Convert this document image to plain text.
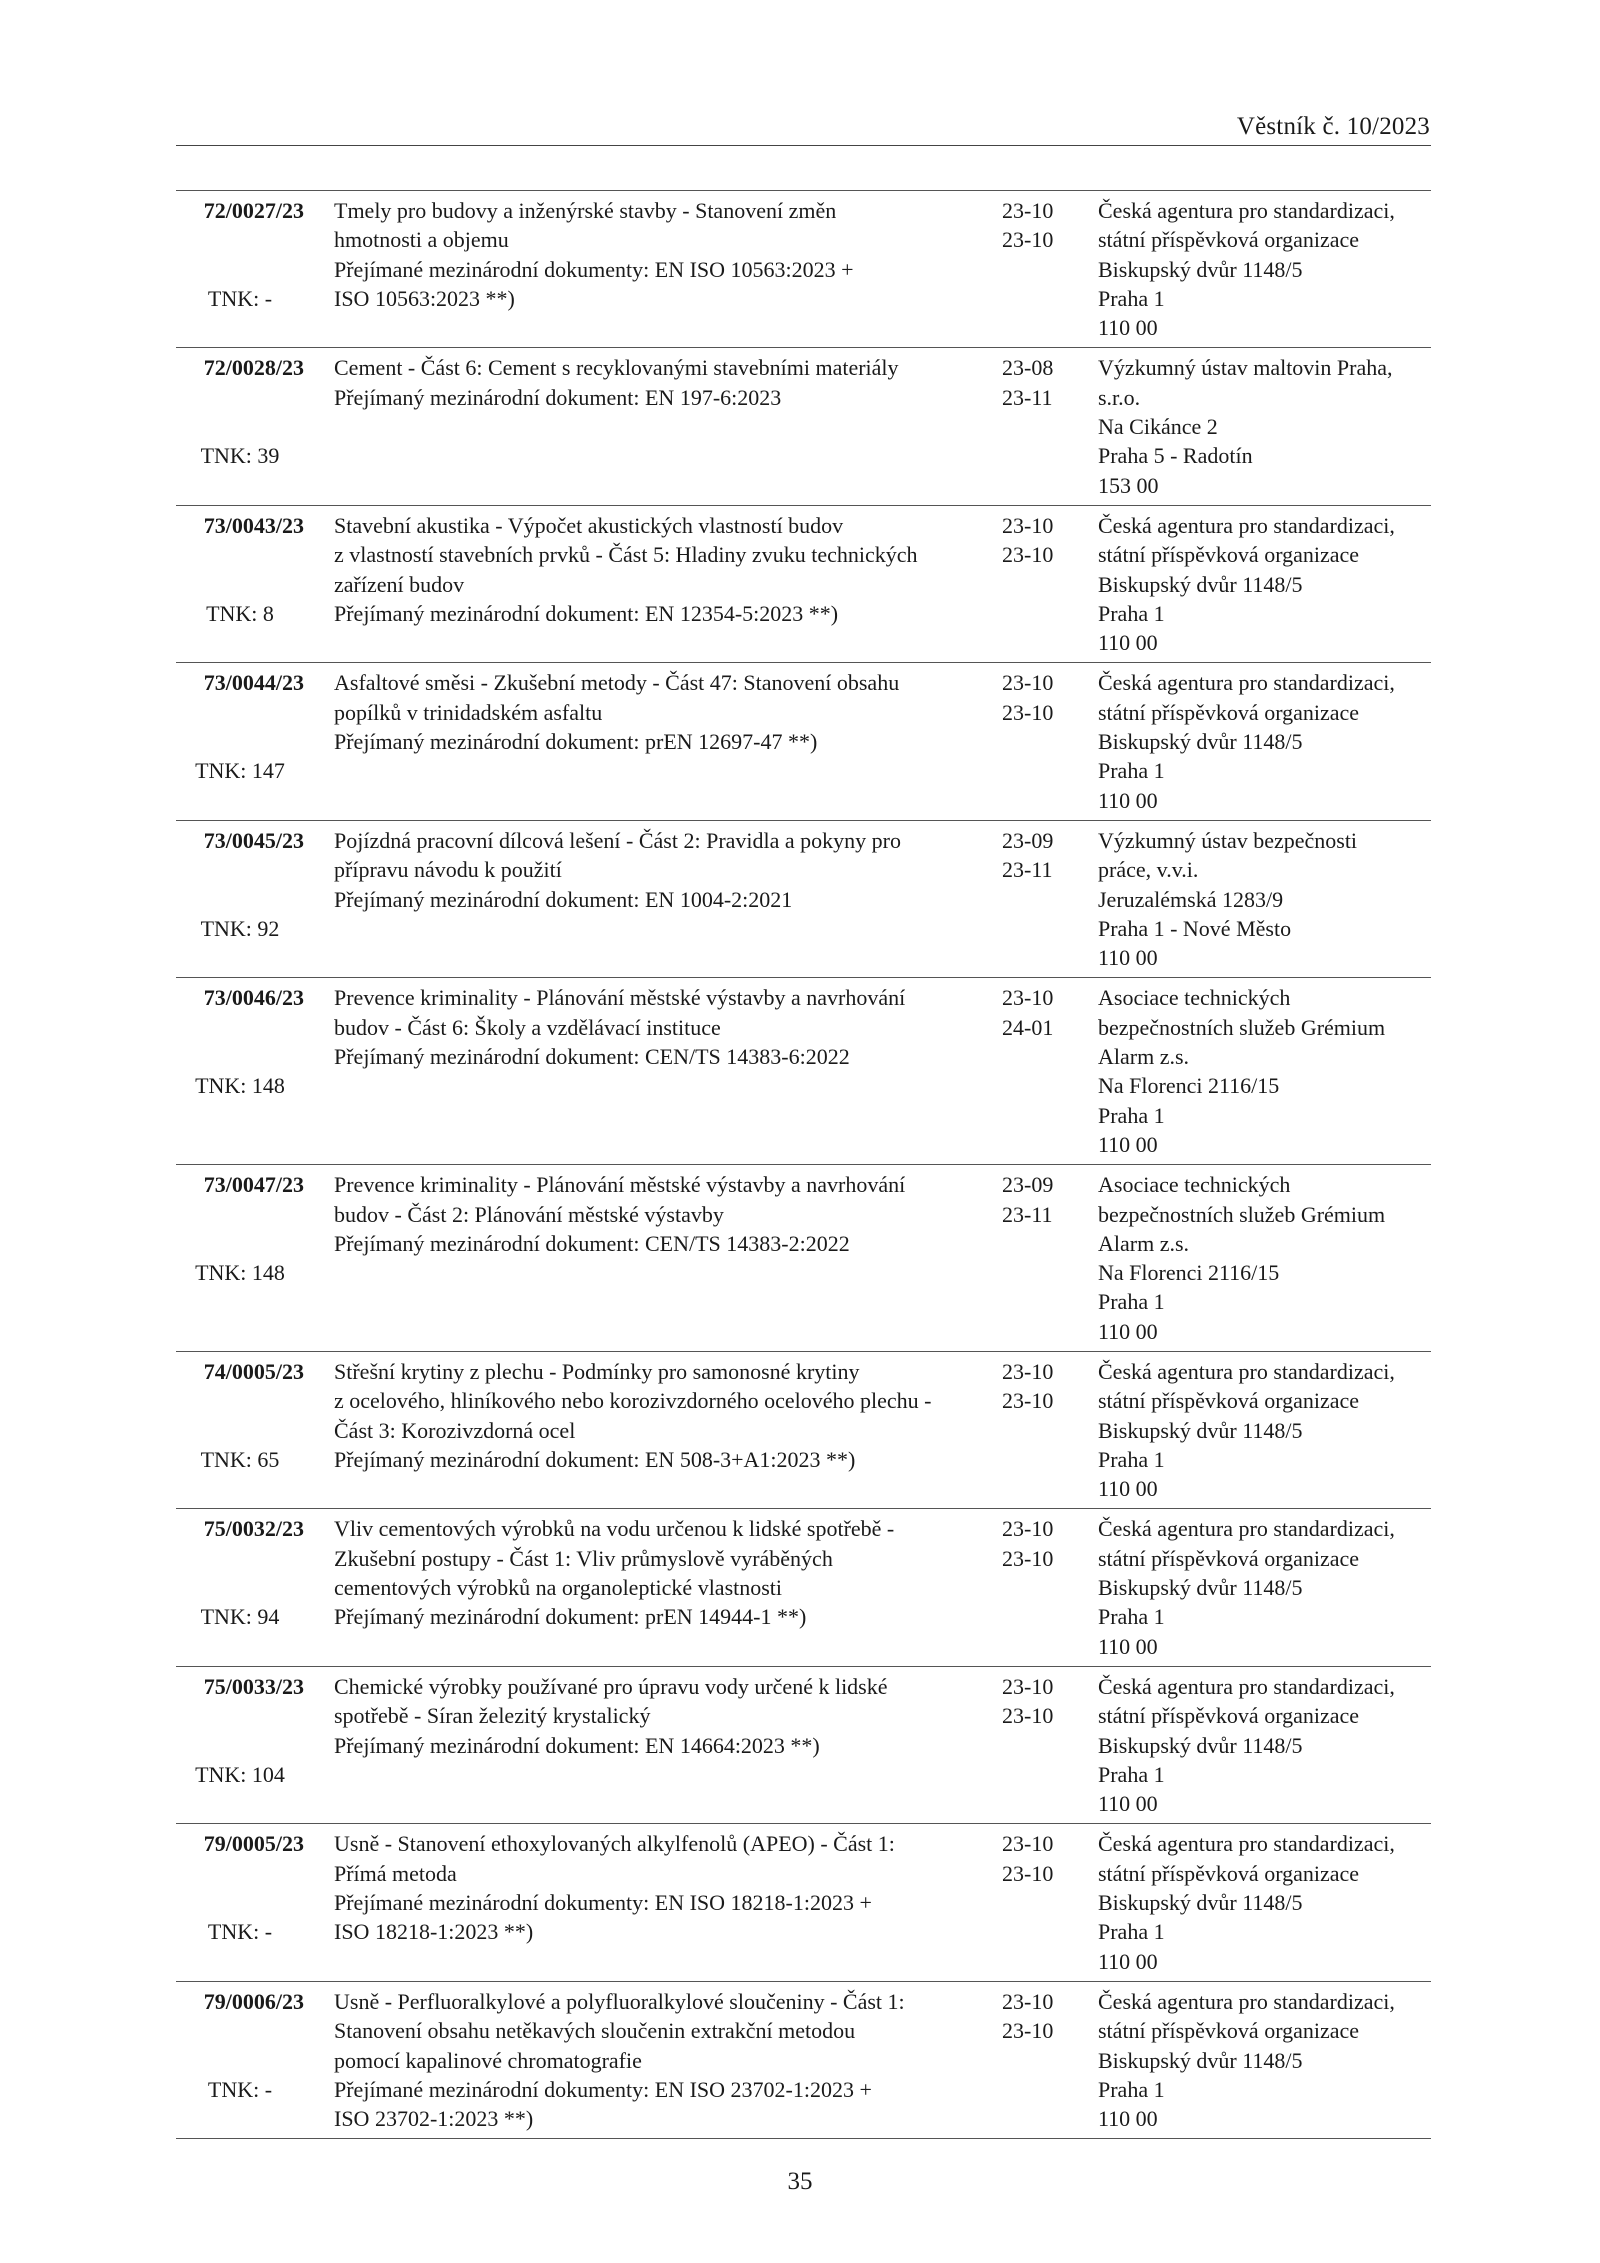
Věstník č. 10/2023
72/0027/23
TNK: -
Tmely pro budovy a inženýrské stavby - Stanovení změn
hmotnosti a objemu
Přejímané mezinárodní dokumenty: EN ISO 10563:2023 +
ISO 10563:2023 **)

23-10
23-10
Česká agentura pro standardizaci,
státní příspěvková organizace
Biskupský dvůr 1148/5
Praha 1
110 00
72/0028/23
TNK: 39
Cement - Část 6: Cement s recyklovanými stavebními materiály
Přejímaný mezinárodní dokument: EN 197-6:2023

23-08
23-11
Výzkumný ústav maltovin Praha,
s.r.o.
Na Cikánce 2
Praha 5 - Radotín
153 00
73/0043/23
TNK: 8
Stavební akustika - Výpočet akustických vlastností budov
z vlastností stavebních prvků - Část 5: Hladiny zvuku technických
zařízení budov
Přejímaný mezinárodní dokument: EN 12354-5:2023 **)

23-10
23-10
Česká agentura pro standardizaci,
státní příspěvková organizace
Biskupský dvůr 1148/5
Praha 1
110 00
73/0044/23
TNK: 147
Asfaltové směsi - Zkušební metody - Část 47: Stanovení obsahu
popílků v trinidadském asfaltu
Přejímaný mezinárodní dokument: prEN 12697-47 **)

23-10
23-10
Česká agentura pro standardizaci,
státní příspěvková organizace
Biskupský dvůr 1148/5
Praha 1
110 00
73/0045/23
TNK: 92
Pojízdná pracovní dílcová lešení - Část 2: Pravidla a pokyny pro
přípravu návodu k použití
Přejímaný mezinárodní dokument: EN 1004-2:2021

23-09
23-11
Výzkumný ústav bezpečnosti
práce, v.v.i.
Jeruzalémská 1283/9
Praha 1 - Nové Město
110 00
73/0046/23
TNK: 148
Prevence kriminality - Plánování městské výstavby a navrhování
budov - Část 6: Školy a vzdělávací instituce
Přejímaný mezinárodní dokument: CEN/TS 14383-6:2022

23-10
24-01
Asociace technických
bezpečnostních služeb Grémium
Alarm z.s.
Na Florenci 2116/15
Praha 1
110 00
73/0047/23
TNK: 148
Prevence kriminality - Plánování městské výstavby a navrhování
budov - Část 2: Plánování městské výstavby
Přejímaný mezinárodní dokument: CEN/TS 14383-2:2022

23-09
23-11
Asociace technických
bezpečnostních služeb Grémium
Alarm z.s.
Na Florenci 2116/15
Praha 1
110 00
74/0005/23
TNK: 65
Střešní krytiny z plechu - Podmínky pro samonosné krytiny
z ocelového, hliníkového nebo korozivzdorného ocelového plechu -
Část 3: Korozivzdorná ocel
Přejímaný mezinárodní dokument: EN 508-3+A1:2023 **)

23-10
23-10
Česká agentura pro standardizaci,
státní příspěvková organizace
Biskupský dvůr 1148/5
Praha 1
110 00
75/0032/23
TNK: 94
Vliv cementových výrobků na vodu určenou k lidské spotřebě -
Zkušební postupy - Část 1: Vliv průmyslově vyráběných
cementových výrobků na organoleptické vlastnosti
Přejímaný mezinárodní dokument: prEN 14944-1 **)

23-10
23-10
Česká agentura pro standardizaci,
státní příspěvková organizace
Biskupský dvůr 1148/5
Praha 1
110 00
75/0033/23
TNK: 104
Chemické výrobky používané pro úpravu vody určené k lidské
spotřebě - Síran železitý krystalický
Přejímaný mezinárodní dokument: EN 14664:2023 **)

23-10
23-10
Česká agentura pro standardizaci,
státní příspěvková organizace
Biskupský dvůr 1148/5
Praha 1
110 00
79/0005/23
TNK: -
Usně - Stanovení ethoxylovaných alkylfenolů (APEO) - Část 1:
Přímá metoda
Přejímané mezinárodní dokumenty: EN ISO 18218-1:2023 +
ISO 18218-1:2023 **)

23-10
23-10
Česká agentura pro standardizaci,
státní příspěvková organizace
Biskupský dvůr 1148/5
Praha 1
110 00
79/0006/23
TNK: -
Usně - Perfluoralkylové a polyfluoralkylové sloučeniny - Část 1:
Stanovení obsahu netěkavých sloučenin extrakční metodou
pomocí kapalinové chromatografie
Přejímané mezinárodní dokumenty: EN ISO 23702-1:2023 +
ISO 23702-1:2023 **)
23-10
23-10
Česká agentura pro standardizaci,
státní příspěvková organizace
Biskupský dvůr 1148/5
Praha 1
110 00
35
